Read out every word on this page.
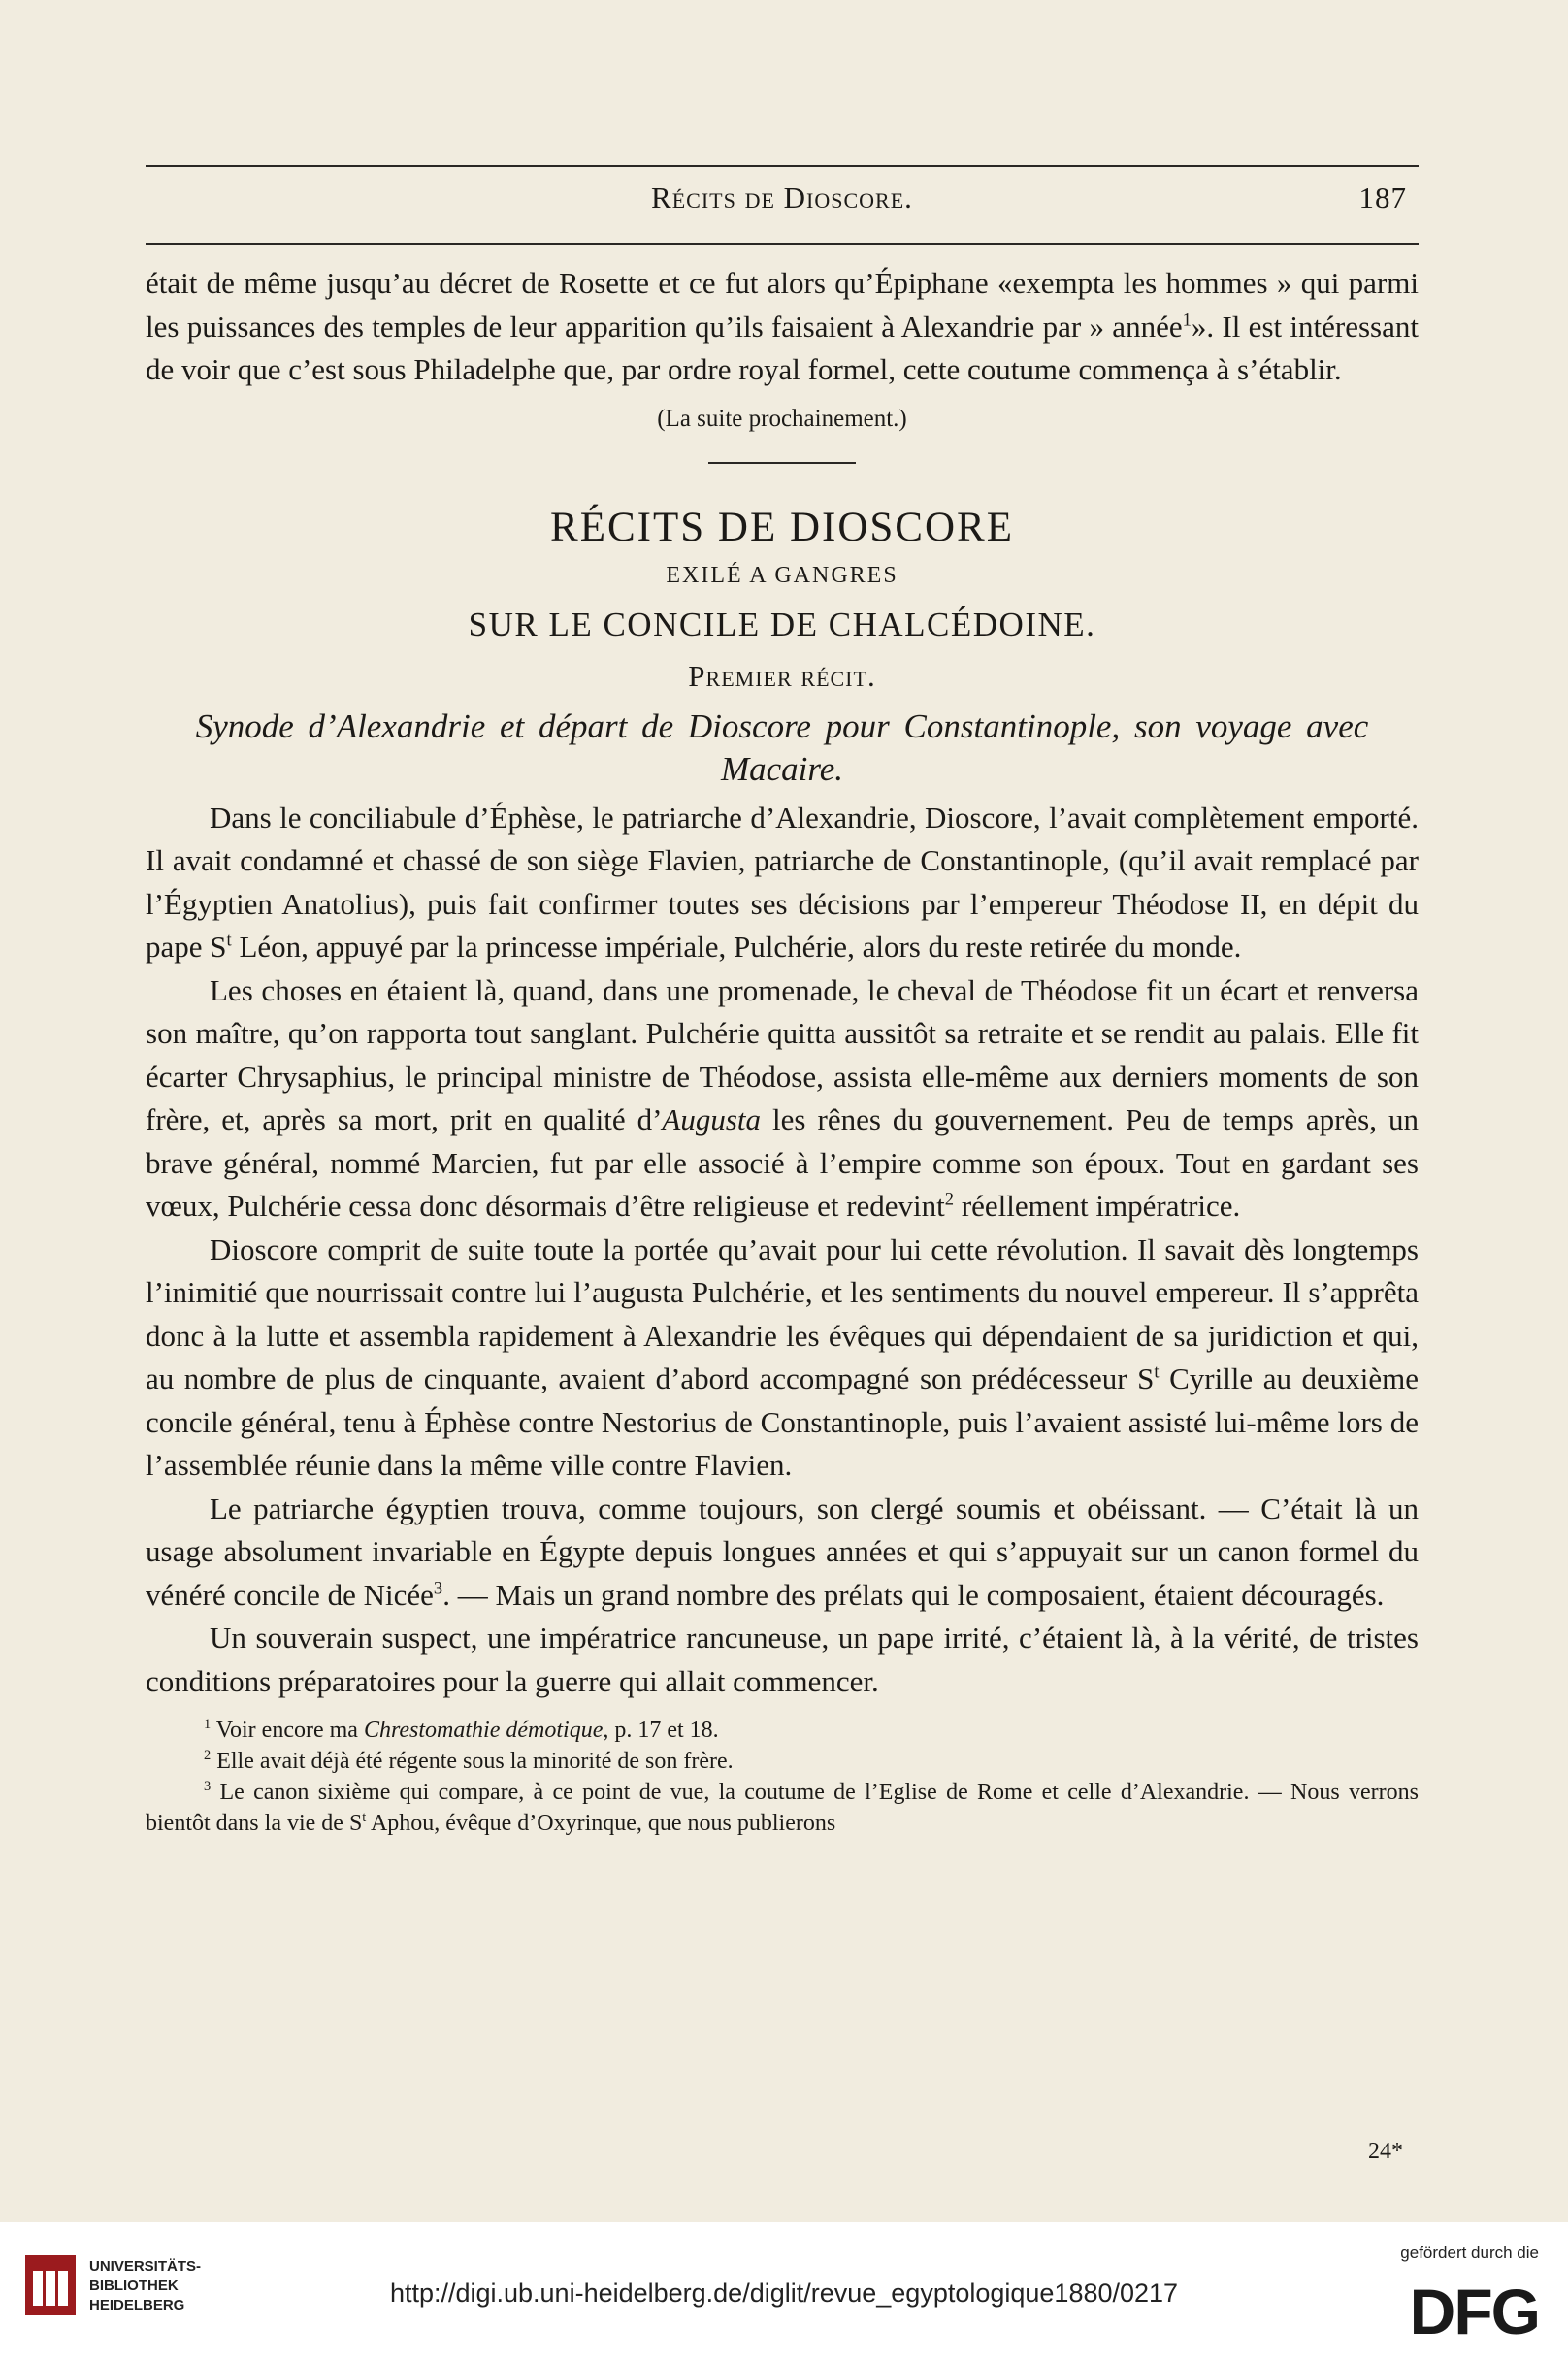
Récits de Dioscore.	187

était de même jusqu’au décret de Rosette et ce fut alors qu’Épiphane «exempta les hommes » qui parmi les puissances des temples de leur apparition qu’ils faisaient à Alexandrie par » année$^1$». Il est intéressant de voir que c’est sous Philadelphe que, par ordre royal formel, cette coutume commença à s’établir.

(La suite prochainement.)

RÉCITS DE DIOSCORE

EXILÉ A GANGRES

SUR LE CONCILE DE CHALCÉDOINE.

Premier récit.

Synode d’Alexandrie et départ de Dioscore pour Constantinople, son voyage avec Macaire.

Dans le conciliabule d’Éphèse, le patriarche d’Alexandrie, Dioscore, l’avait complètement emporté. Il avait condamné et chassé de son siège Flavien, patriarche de Constantinople, (qu’il avait remplacé par l’Égyptien Anatolius), puis fait confirmer toutes ses décisions par l’empereur Théodose II, en dépit du pape $S^t$ Léon, appuyé par la princesse impériale, Pulchérie, alors du reste retirée du monde.

Les choses en étaient là, quand, dans une promenade, le cheval de Théodose fit un écart et renversa son maître, qu’on rapporta tout sanglant. Pulchérie quitta aussitôt sa retraite et se rendit au palais. Elle fit écarter Chrysaphius, le principal ministre de Théodose, assista elle-même aux derniers moments de son frère, et, après sa mort, prit en qualité d’Augusta les rênes du gouvernement. Peu de temps après, un brave général, nommé Marcien, fut par elle associé à l’empire comme son époux. Tout en gardant ses vœux, Pulchérie cessa donc désormais d’être religieuse et redevint$^2$ réellement impératrice.

Dioscore comprit de suite toute la portée qu’avait pour lui cette révolution. Il savait dès longtemps l’inimitié que nourrissait contre lui l’augusta Pulchérie, et les sentiments du nouvel empereur. Il s’apprêta donc à la lutte et assembla rapidement à Alexandrie les évêques qui dépendaient de sa juridiction et qui, au nombre de plus de cinquante, avaient d’abord accompagné son prédécesseur $S^t$ Cyrille au deuxième concile général, tenu à Éphèse contre Nestorius de Constantinople, puis l’avaient assisté lui-même lors de l’assemblée réunie dans la même ville contre Flavien.

Le patriarche égyptien trouva, comme toujours, son clergé soumis et obéissant. — C’était là un usage absolument invariable en Égypte depuis longues années et qui s’appuyait sur un canon formel du vénéré concile de Nicée$^3$. — Mais un grand nombre des prélats qui le composaient, étaient découragés.

Un souverain suspect, une impératrice rancuneuse, un pape irrité, c’étaient là, à la vérité, de tristes conditions préparatoires pour la guerre qui allait commencer.

$^1$ Voir encore ma Chrestomathie démotique, p. 17 et 18.

$^2$ Elle avait déjà été régente sous la minorité de son frère.

$^3$ Le canon sixième qui compare, à ce point de vue, la coutume de l’Eglise de Rome et celle d’Alexandrie. — Nous verrons bientôt dans la vie de $S^t$ Aphou, évêque d’Oxyrinque, que nous publierons

24*
UNIVERSITÄTS-
BIBLIOTHEK
HEIDELBERG	http://digi.ub.uni-heidelberg.de/diglit/revue_egyptologique1880/0217
gefördert durch die
DFG
